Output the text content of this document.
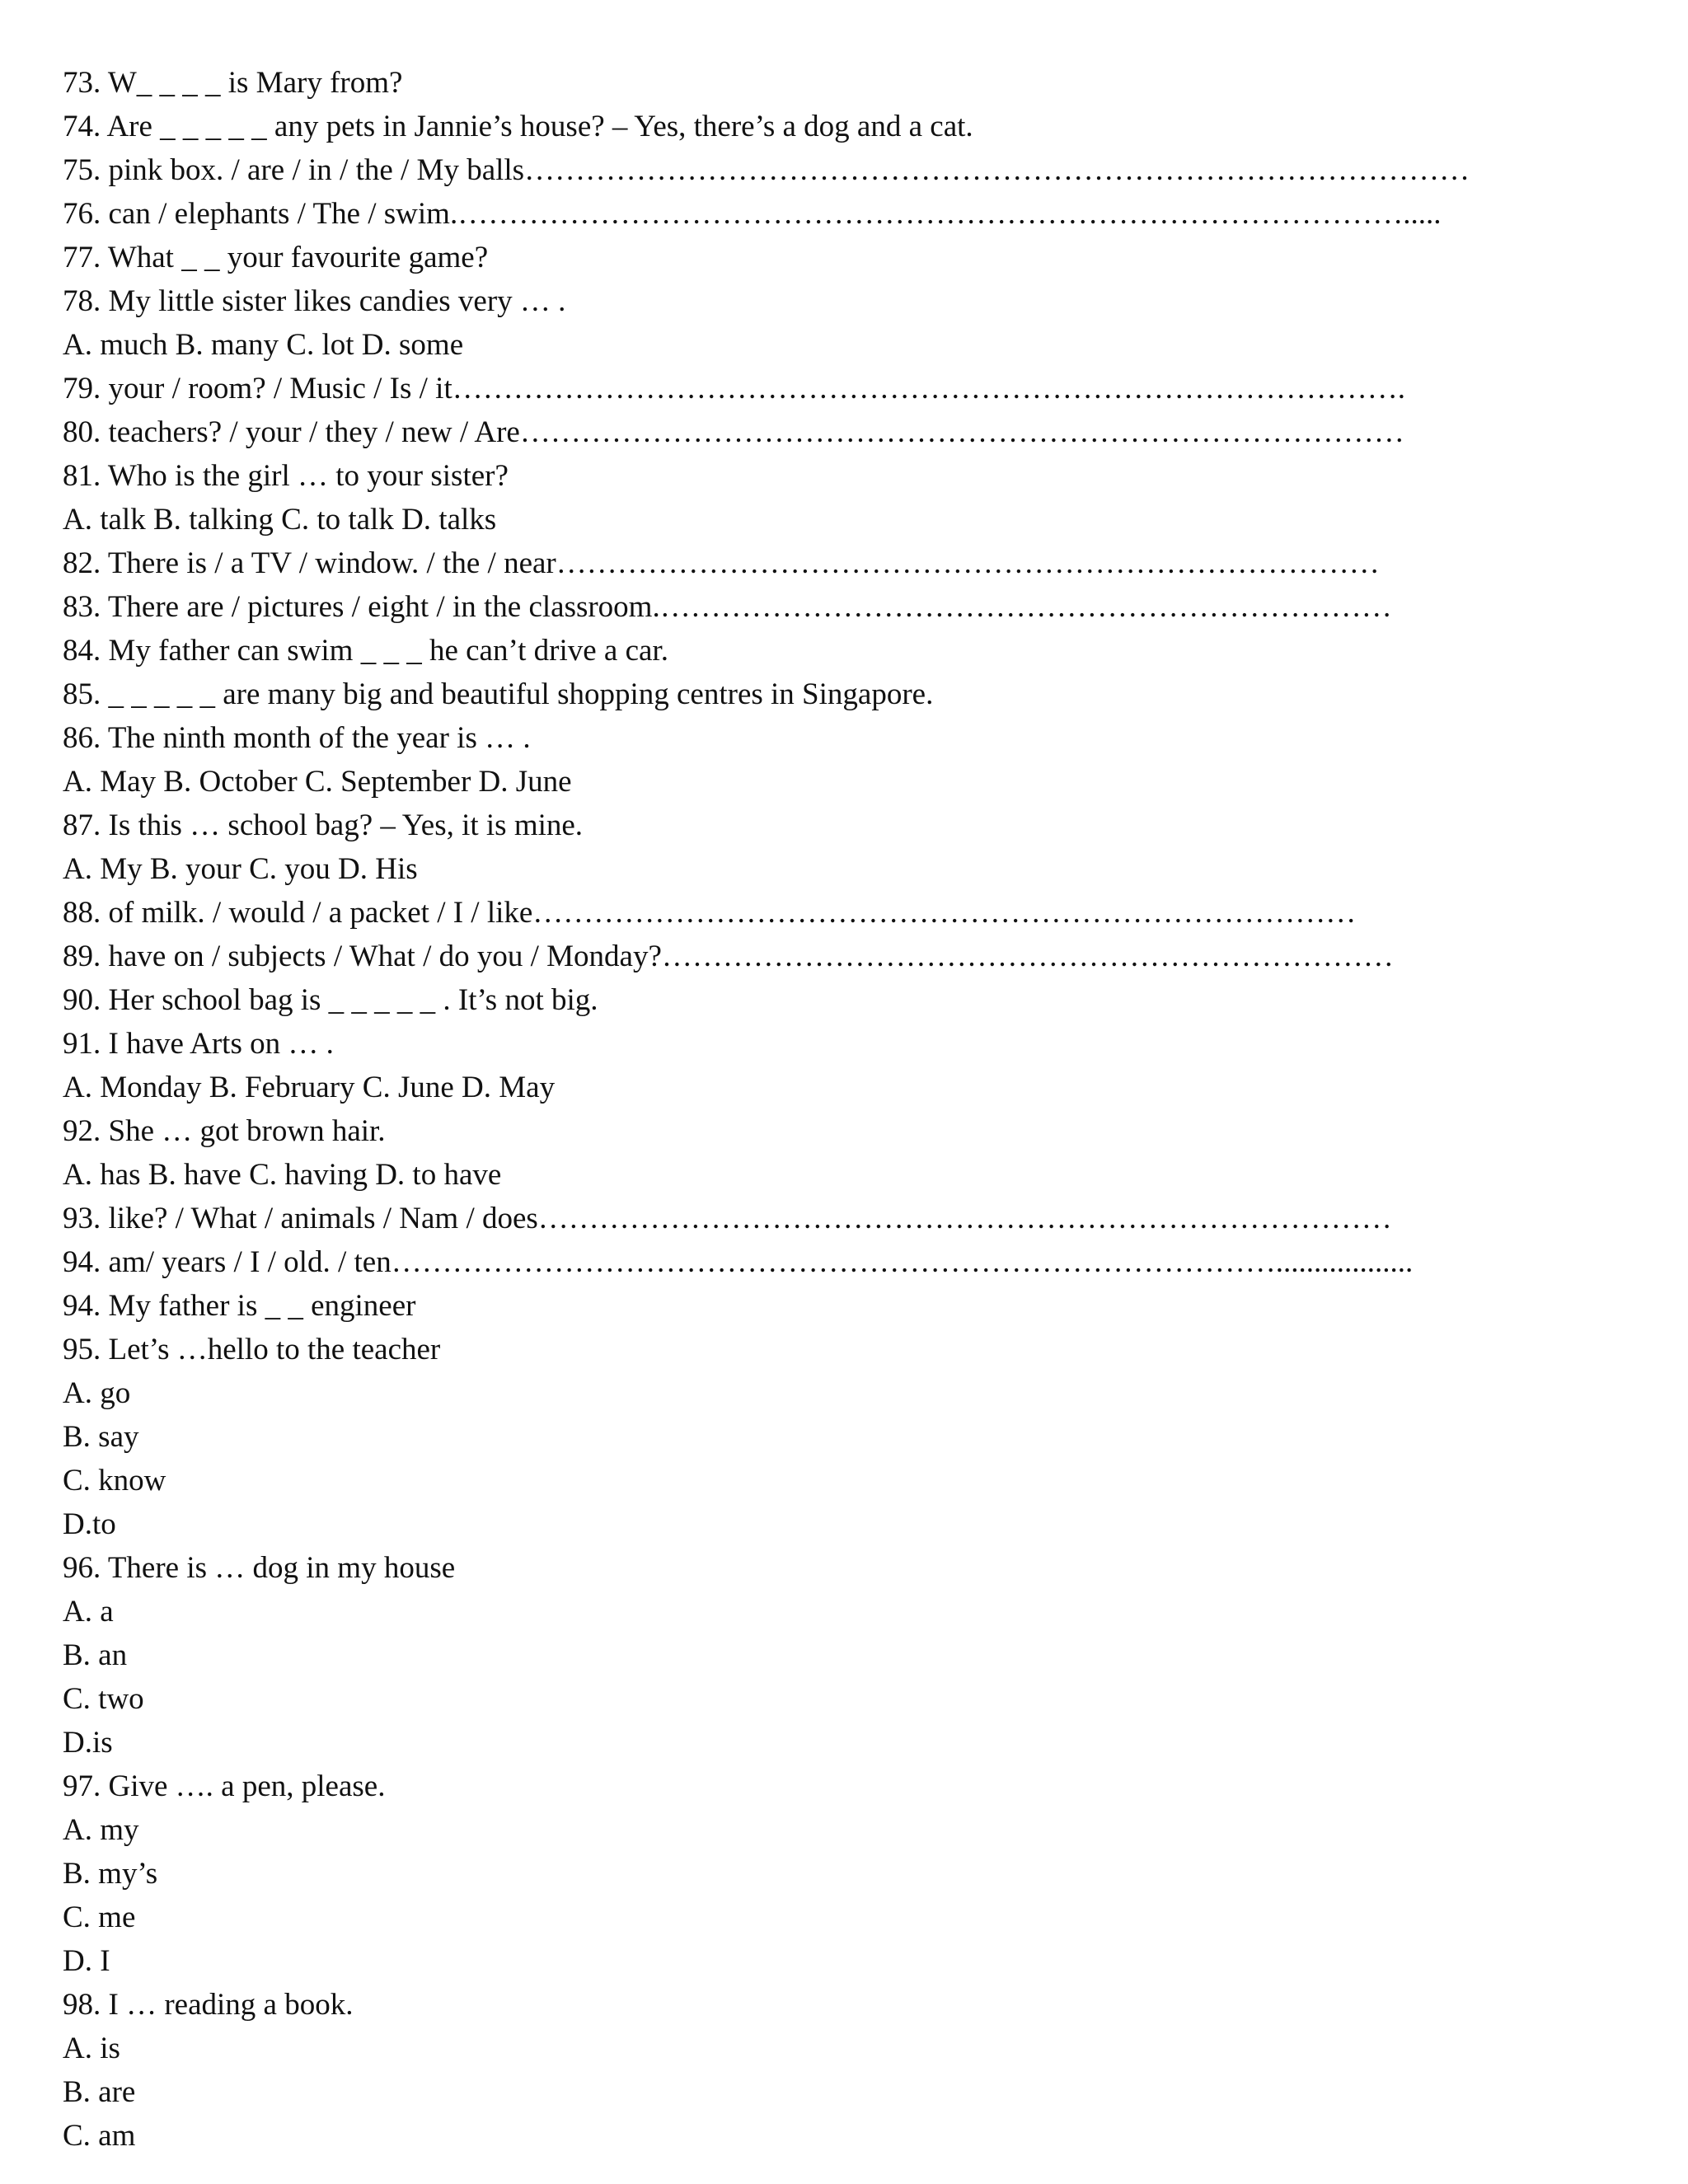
73. W_ _ _ _ is Mary from?
74. Are _ _ _ _ _ any pets in Jannie’s house? – Yes, there’s a dog and a cat.
75. pink box. / are / in / the / My balls…………………………………………………………………………………
76. can / elephants / The / swim.………………………………………………………………………………….....
77. What _ _ your favourite game?
78. My little sister likes candies very … .
A. much B. many C. lot D. some
79. your / room? / Music / Is / it………………………………………………………………………………….
80. teachers? / your / they / new / Are……………………………………………………………………………
81. Who is the girl … to your sister?
A. talk B. talking C. to talk D. talks
82. There is / a TV / window. / the / near………………………………………………………………………
83. There are / pictures / eight / in the classroom.………………………………………………………………
84. My father can swim _ _ _ he can’t drive a car.
85. _ _ _ _ _ are many big and beautiful shopping centres in Singapore.
86. The ninth month of the year is … .
A. May B. October C. September D. June
87. Is this … school bag? – Yes, it is mine.
A. My B. your C. you D. His
88. of milk. / would / a packet / I / like………………………………………………………………………
89. have on / subjects / What / do you / Monday?………………………………………………………………
90. Her school bag is _ _ _ _ _ . It’s not big.
91. I have Arts on … .
A. Monday B. February C. June D. May
92. She … got brown hair.
A. has B. have C. having D. to have
93. like? / What / animals / Nam / does…………………………………………………………………………
94. am/ years / I / old. / ten……………………………………………………………………………..................
94. My father is _ _ engineer
95. Let’s …hello to the teacher
A. go
B. say
C. know
D.to
96. There is … dog in my house
A. a
B. an
C. two
D.is
97. Give …. a pen, please.
A. my
B. my’s
C. me
D. I
98. I … reading a book.
A. is
B. are
C. am
